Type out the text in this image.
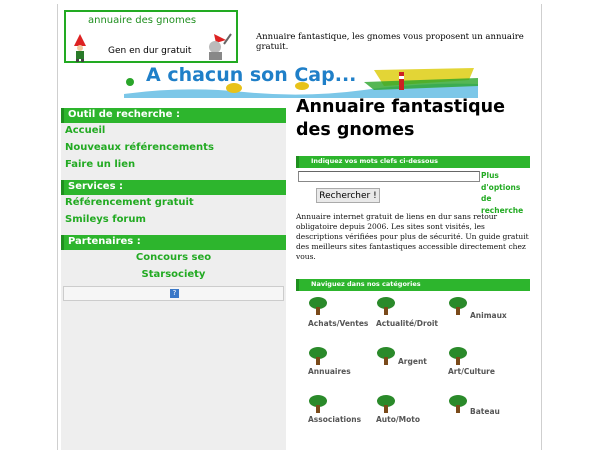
annuaire des gnomes
Gen en dur gratuit
Annuaire fantastique, les gnomes vous proposent un annuaire gratuit.
A chacun son Cap...
Outil de recherche :
Accueil
Nouveaux référencements
Faire un lien
Services :
Référencement gratuit
Smileys forum
Partenaires :
Concours seo
Starsociety
?
Annuaire fantastique des gnomes
Indiquez vos mots clefs ci-dessous
Rechercher !
Plus d'options de recherche

Annuaire internet gratuit de liens en dur sans retour obligatoire depuis 2006. Les sites sont visités, les descriptions vérifiées pour plus de sécurité. Un guide gratuit des meilleurs sites fantastiques accessible directement chez vous.

Naviguez dans nos catégories
Achats/Ventes Actualité/Droit
Animaux
Annuaires
Argent
Art/Culture
Associations Auto/Moto
Bateau
